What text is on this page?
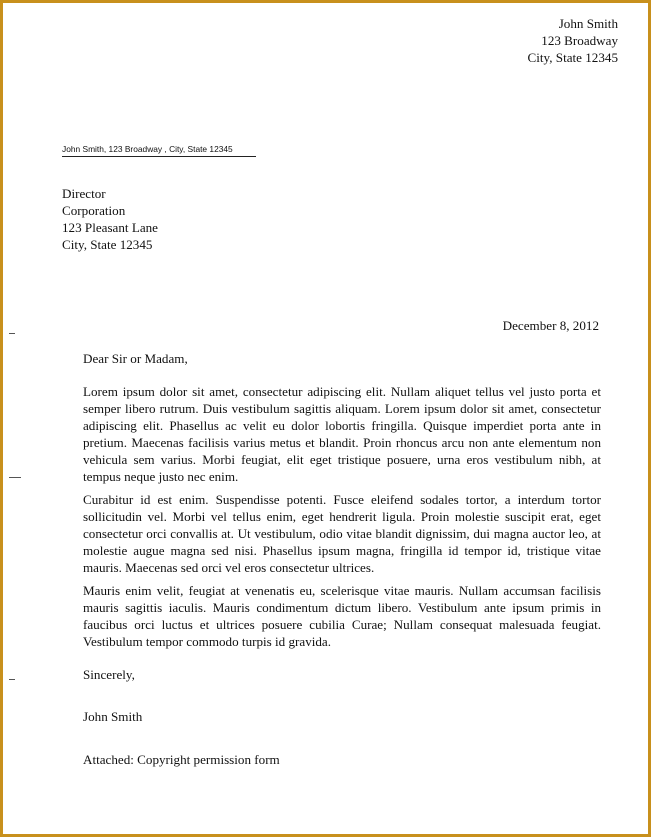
John Smith
123 Broadway
City, State 12345
John Smith, 123 Broadway , City, State 12345
Director
Corporation
123 Pleasant Lane
City, State 12345
December 8, 2012

Dear Sir or Madam,

Lorem ipsum dolor sit amet, consectetur adipiscing elit. Nullam aliquet tellus vel justo porta et semper libero rutrum. Duis vestibulum sagittis aliquam. Lorem ipsum dolor sit amet, consectetur adipiscing elit. Phasellus ac velit eu dolor lobortis fringilla. Quisque imperdiet porta ante in pretium. Maecenas facilisis varius metus et blandit. Proin rhoncus arcu non ante elementum non vehicula sem varius. Morbi feugiat, elit eget tristique posuere, urna eros vestibulum nibh, at tempus neque justo nec enim.

Curabitur id est enim. Suspendisse potenti. Fusce eleifend sodales tortor, a interdum tortor sollicitudin vel. Morbi vel tellus enim, eget hendrerit ligula. Proin molestie suscipit erat, eget consectetur orci convallis at. Ut vestibulum, odio vitae blandit dignissim, dui magna auctor leo, at molestie augue magna sed nisi. Phasellus ipsum magna, fringilla id tempor id, tristique vitae mauris. Maecenas sed orci vel eros consectetur ultrices.

Mauris enim velit, feugiat at venenatis eu, scelerisque vitae mauris. Nullam accumsan facilisis mauris sagittis iaculis. Mauris condimentum dictum libero. Vestibulum ante ipsum primis in faucibus orci luctus et ultrices posuere cubilia Curae; Nullam consequat malesuada feugiat. Vestibulum tempor commodo turpis id gravida.

Sincerely,

John Smith

Attached: Copyright permission form
